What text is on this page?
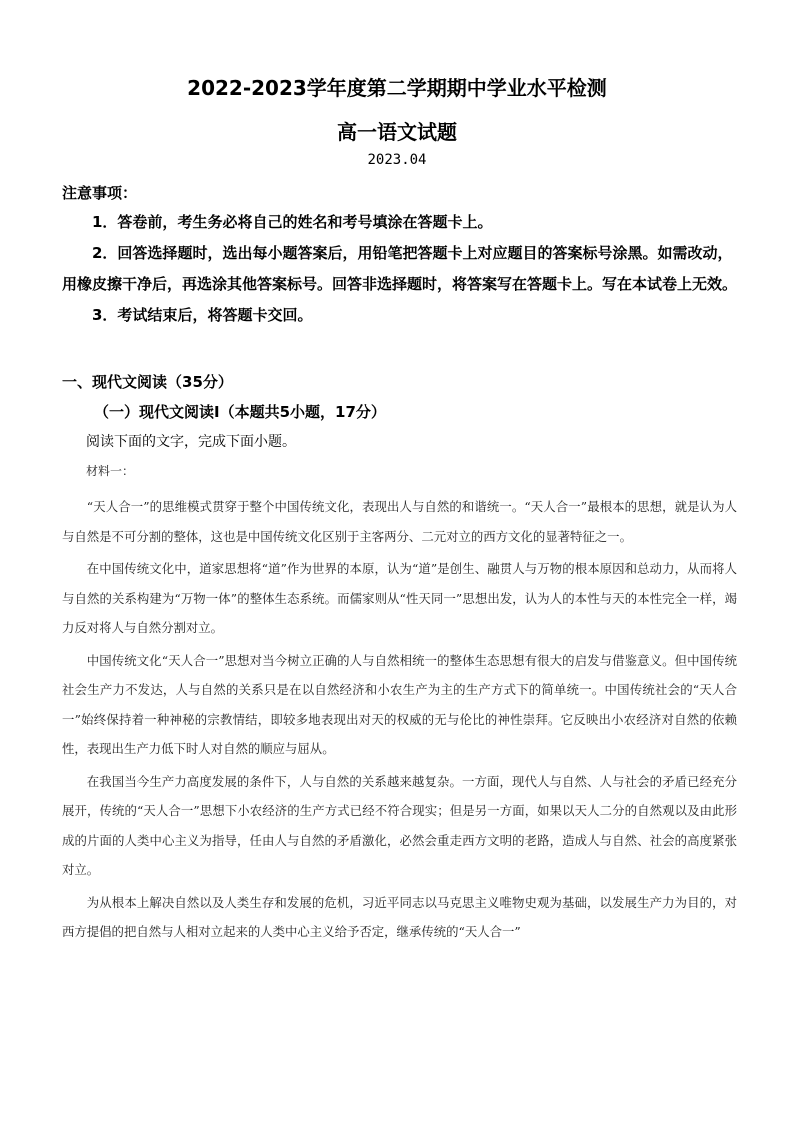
2022-2023学年度第二学期期中学业水平检测
高一语文试题
2023.04
注意事项：

1．答卷前，考生务必将自己的姓名和考号填涂在答题卡上。

2．回答选择题时，选出每小题答案后，用铅笔把答题卡上对应题目的答案标号涂黑。如需改动，用橡皮擦干净后，再选涂其他答案标号。回答非选择题时，将答案写在答题卡上。写在本试卷上无效。

3．考试结束后，将答题卡交回。

一、现代文阅读（35分）
（一）现代文阅读Ⅰ（本题共5小题，17分）
阅读下面的文字，完成下面小题。
材料一：

“天人合一”的思维模式贯穿于整个中国传统文化，表现出人与自然的和谐统一。“天人合一”最根本的思想，就是认为人与自然是不可分割的整体，这也是中国传统文化区别于主客两分、二元对立的西方文化的显著特征之一。

在中国传统文化中，道家思想将“道”作为世界的本原，认为“道”是创生、融贯人与万物的根本原因和总动力，从而将人与自然的关系构建为“万物一体”的整体生态系统。而儒家则从“性天同一”思想出发，认为人的本性与天的本性完全一样，竭力反对将人与自然分割对立。

中国传统文化“天人合一”思想对当今树立正确的人与自然相统一的整体生态思想有很大的启发与借鉴意义。但中国传统社会生产力不发达，人与自然的关系只是在以自然经济和小农生产为主的生产方式下的简单统一。中国传统社会的“天人合一”始终保持着一种神秘的宗教情结，即较多地表现出对天的权威的无与伦比的神性崇拜。它反映出小农经济对自然的依赖性，表现出生产力低下时人对自然的顺应与屈从。

在我国当今生产力高度发展的条件下，人与自然的关系越来越复杂。一方面，现代人与自然、人与社会的矛盾已经充分展开，传统的“天人合一”思想下小农经济的生产方式已经不符合现实；但是另一方面，如果以天人二分的自然观以及由此形成的片面的人类中心主义为指导，任由人与自然的矛盾激化，必然会重走西方文明的老路，造成人与自然、社会的高度紧张对立。

为从根本上解决自然以及人类生存和发展的危机，习近平同志以马克思主义唯物史观为基础，以发展生产力为目的，对西方提倡的把自然与人相对立起来的人类中心主义给予否定，继承传统的“天人合一”
